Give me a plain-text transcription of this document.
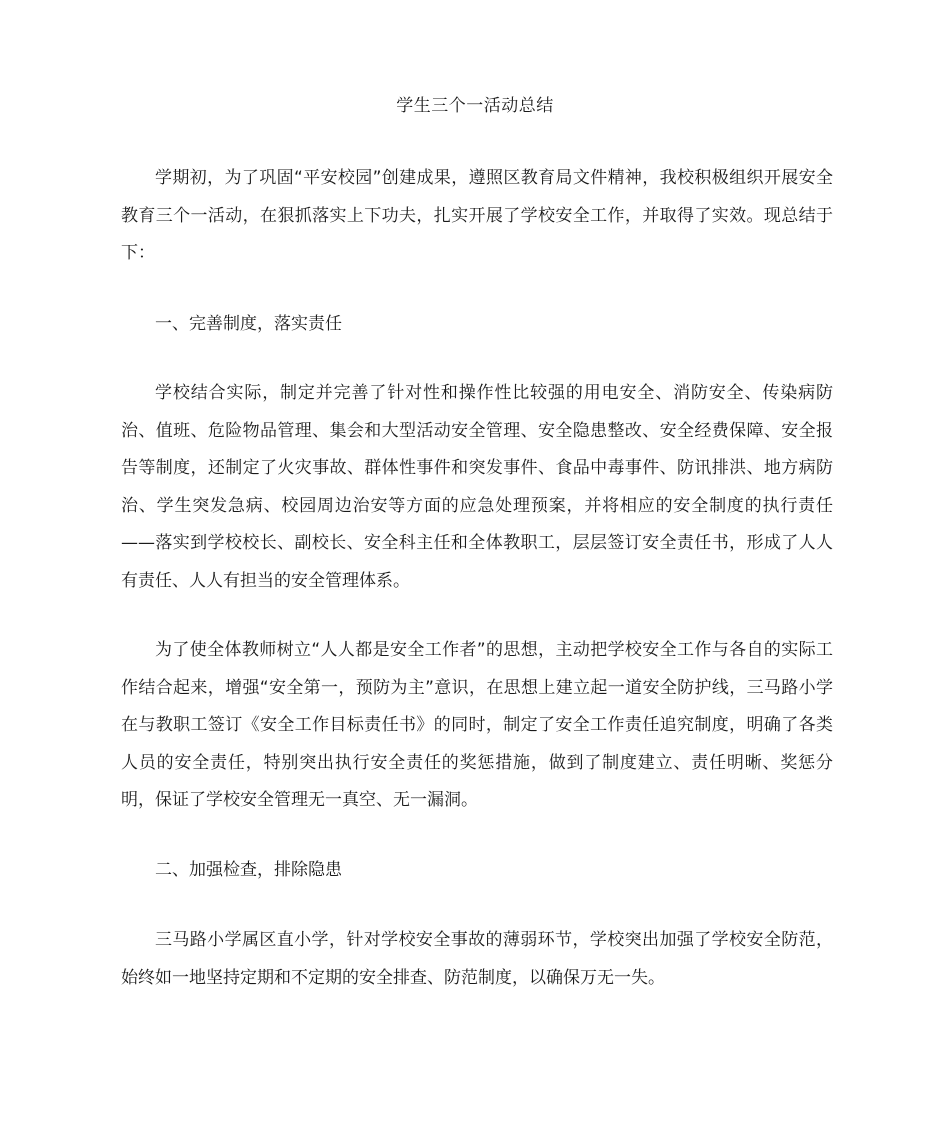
学生三个一活动总结

学期初，为了巩固“平安校园”创建成果，遵照区教育局文件精神，我校积极组织开展安全教育三个一活动，在狠抓落实上下功夫，扎实开展了学校安全工作，并取得了实效。现总结于下：

一、完善制度，落实责任

学校结合实际，制定并完善了针对性和操作性比较强的用电安全、消防安全、传染病防治、值班、危险物品管理、集会和大型活动安全管理、安全隐患整改、安全经费保障、安全报告等制度，还制定了火灾事故、群体性事件和突发事件、食品中毒事件、防讯排洪、地方病防治、学生突发急病、校园周边治安等方面的应急处理预案，并将相应的安全制度的执行责任——落实到学校校长、副校长、安全科主任和全体教职工，层层签订安全责任书，形成了人人有责任、人人有担当的安全管理体系。

为了使全体教师树立“人人都是安全工作者”的思想，主动把学校安全工作与各自的实际工作结合起来，增强“安全第一，预防为主”意识，在思想上建立起一道安全防护线，三马路小学在与教职工签订《安全工作目标责任书》的同时，制定了安全工作责任追究制度，明确了各类人员的安全责任，特别突出执行安全责任的奖惩措施，做到了制度建立、责任明晰、奖惩分明，保证了学校安全管理无一真空、无一漏洞。

二、加强检查，排除隐患

三马路小学属区直小学，针对学校安全事故的薄弱环节，学校突出加强了学校安全防范，始终如一地坚持定期和不定期的安全排查、防范制度，以确保万无一失。
